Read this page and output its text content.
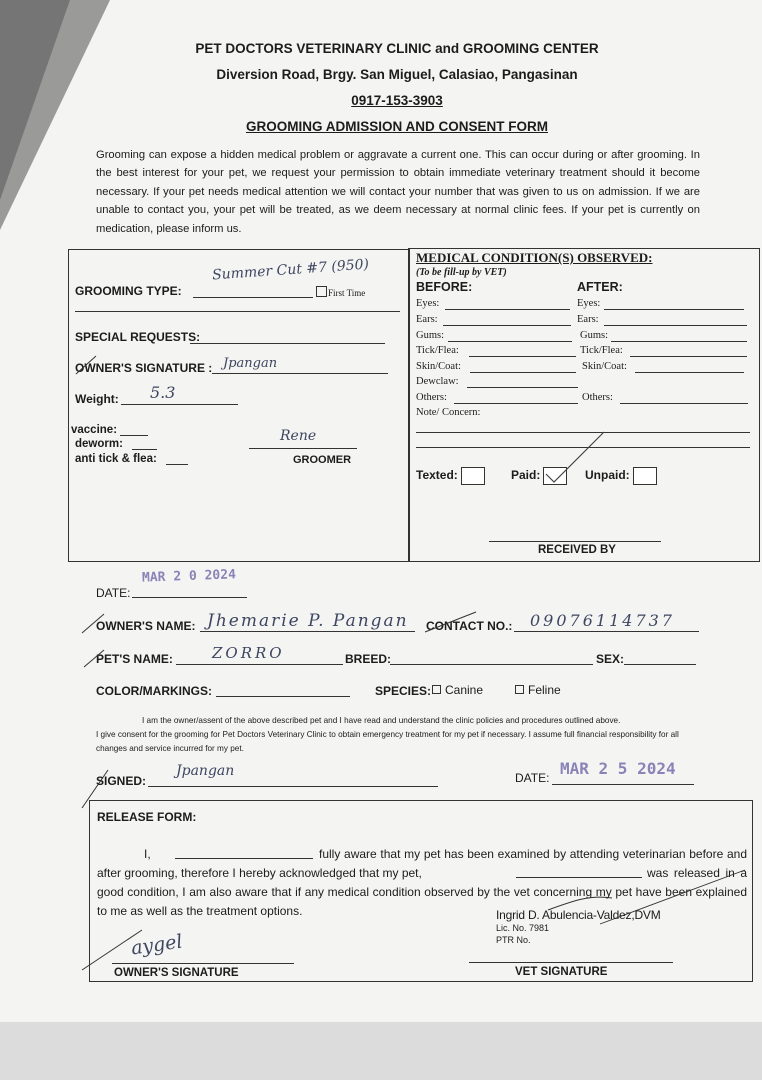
PET DOCTORS VETERINARY CLINIC and GROOMING CENTER
Diversion Road, Brgy. San Miguel, Calasiao, Pangasinan
0917-153-3903
GROOMING ADMISSION AND CONSENT FORM
Grooming can expose a hidden medical problem or aggravate a current one. This can occur during or after grooming. In the best interest for your pet, we request your permission to obtain immediate veterinary treatment should it become necessary. If your pet needs medical attention we will contact your number that was given to us on admission. If we are unable to contact you, your pet will be treated, as we deem necessary at normal clinic fees. If your pet is currently on medication, please inform us.
GROOMING TYPE:
Summer Cut #7 (950)
First Time
SPECIAL REQUESTS:
OWNER'S SIGNATURE : Jpangan
Weight: 5.3
vaccine:
deworm:
anti tick & flea:
Rene
GROOMER
MEDICAL CONDITION(S) OBSERVED:
(To be fill-up by VET)
BEFORE:	AFTER:
Eyes:	Eyes:
Ears:	Ears:
Gums:	Gums:
Tick/Flea:	Tick/Flea:
Skin/Coat:	Skin/Coat:
Dewclaw:
Others:	Others:
Note/ Concern:
Texted:	Paid:	Unpaid:
RECEIVED BY
DATE:
MAR 2 0 2024
OWNER'S NAME: Jhemarie P. Pangan CONTACT NO.: 09076114737
PET'S NAME:	ZORRO	BREED:	SEX:
COLOR/MARKINGS:	SPECIES:	Canine	Feline
I am the owner/assent of the above described pet and I have read and understand the clinic policies and procedures outlined above.
I give consent for the grooming for Pet Doctors Veterinary Clinic to obtain emergency treatment for my pet if necessary. I assume full financial responsibility for all changes and service incurred for my pet.
SIGNED:
Jpangan	DATE: MAR 2 5 2024
RELEASE FORM:
I,	fully aware that my pet has been examined by attending veterinarian before and after grooming, therefore I hereby acknowledged that my pet,	was released in a good condition, I am also aware that if any medical condition observed by the vet concerning my pet have been explained to me as well as the treatment options.	Ingrid D. Abulencia-Valdez,DVM
Lic. No. 7981
PTR No.
aygel
OWNER'S SIGNATURE	VET SIGNATURE
